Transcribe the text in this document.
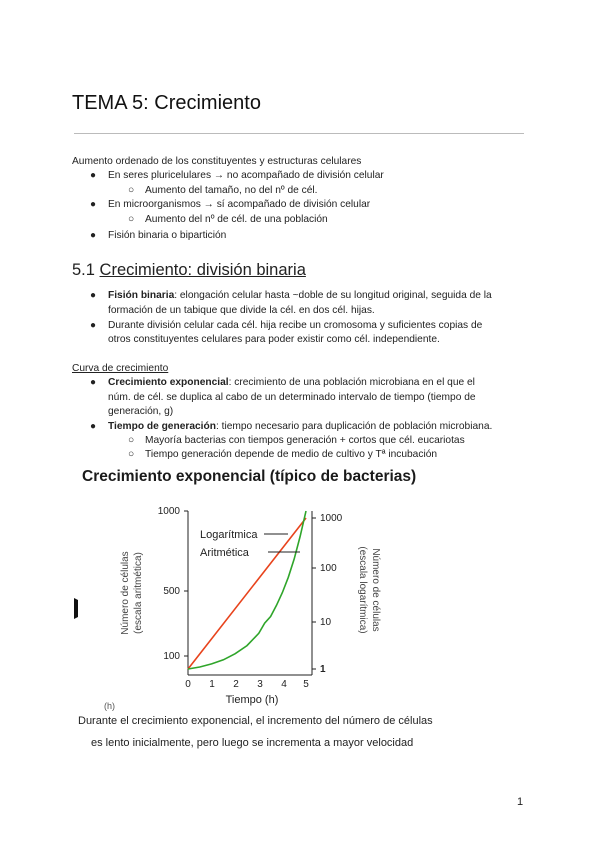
TEMA 5: Crecimiento
Aumento ordenado de los constituyentes y estructuras celulares
● En seres pluricelulares → no acompañado de división celular
○ Aumento del tamaño, no del nº de cél.
● En microorganismos → sí acompañado de división celular
○ Aumento del nº de cél. de una población
● Fisión binaria o bipartición
5.1 Crecimiento: división binaria
● Fisión binaria: elongación celular hasta ~doble de su longitud original, seguida de la
formación de un tabique que divide la cél. en dos cél. hijas.
● Durante división celular cada cél. hija recibe un cromosoma y suficientes copias de
otros constituyentes celulares para poder existir como cél. independiente.
Curva de crecimiento
● Crecimiento exponencial: crecimiento de una población microbiana en el que el
núm. de cél. se duplica al cabo de un determinado intervalo de tiempo (tiempo de
generación, g)
● Tiempo de generación: tiempo necesario para duplicación de población microbiana.
○ Mayoría bacterias con tiempos generación + cortos que cél. eucariotas
○ Tiempo generación depende de medio de cultivo y Tª incubación
Crecimiento exponencial (típico de bacterias)
1000
500
100
1000
100
10
1
0 1 2 3 4 5
Tiempo (h)
Número de células (escala aritmética)	Número de células
(escala logarítmica)
Logarítmica
Aritmética
(h)
Durante el crecimiento exponencial, el incremento del número de células
es lento inicialmente, pero luego se incrementa a mayor velocidad
1
